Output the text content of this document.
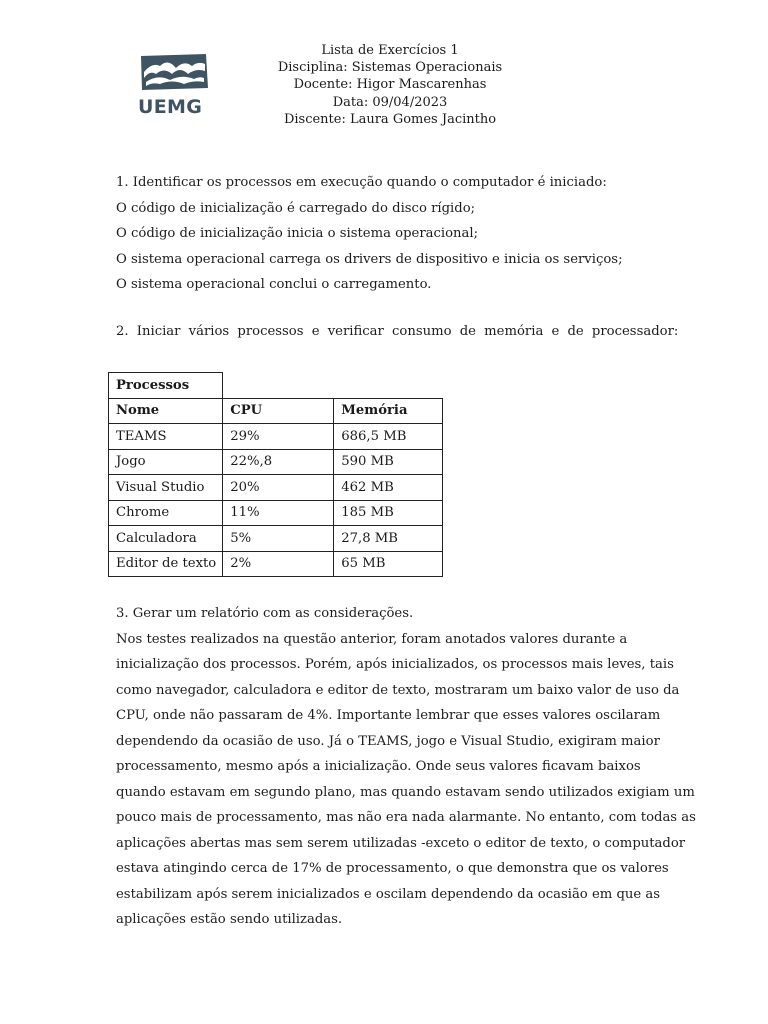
UEMG
Lista de Exercícios 1
Disciplina: Sistemas Operacionais
Docente: Higor Mascarenhas
Data: 09/04/2023
Discente: Laura Gomes Jacintho
1. Identificar os processos em execução quando o computador é iniciado:
O código de inicialização é carregado do disco rígido;
O código de inicialização inicia o sistema operacional;
O sistema operacional carrega os drivers de dispositivo e inicia os serviços;
O sistema operacional conclui o carregamento.
2. Iniciar vários processos e verificar consumo de memória e de processador:
Processos		
Nome	CPU	Memória
TEAMS	29%	686,5 MB
Jogo	22%,8	590 MB
Visual Studio	20%	462 MB
Chrome	11%	185 MB
Calculadora	5%	27,8 MB
Editor de texto	2%	65 MB
3. Gerar um relatório com as considerações.
Nos testes realizados na questão anterior, foram anotados valores durante a
inicialização dos processos. Porém, após inicializados, os processos mais leves, tais
como navegador, calculadora e editor de texto, mostraram um baixo valor de uso da
CPU, onde não passaram de 4%. Importante lembrar que esses valores oscilaram
dependendo da ocasião de uso. Já o TEAMS, jogo e Visual Studio, exigiram maior
processamento, mesmo após a inicialização. Onde seus valores ficavam baixos
quando estavam em segundo plano, mas quando estavam sendo utilizados exigiam um
pouco mais de processamento, mas não era nada alarmante. No entanto, com todas as
aplicações abertas mas sem serem utilizadas -exceto o editor de texto, o computador
estava atingindo cerca de 17% de processamento, o que demonstra que os valores
estabilizam após serem inicializados e oscilam dependendo da ocasião em que as
aplicações estão sendo utilizadas.
